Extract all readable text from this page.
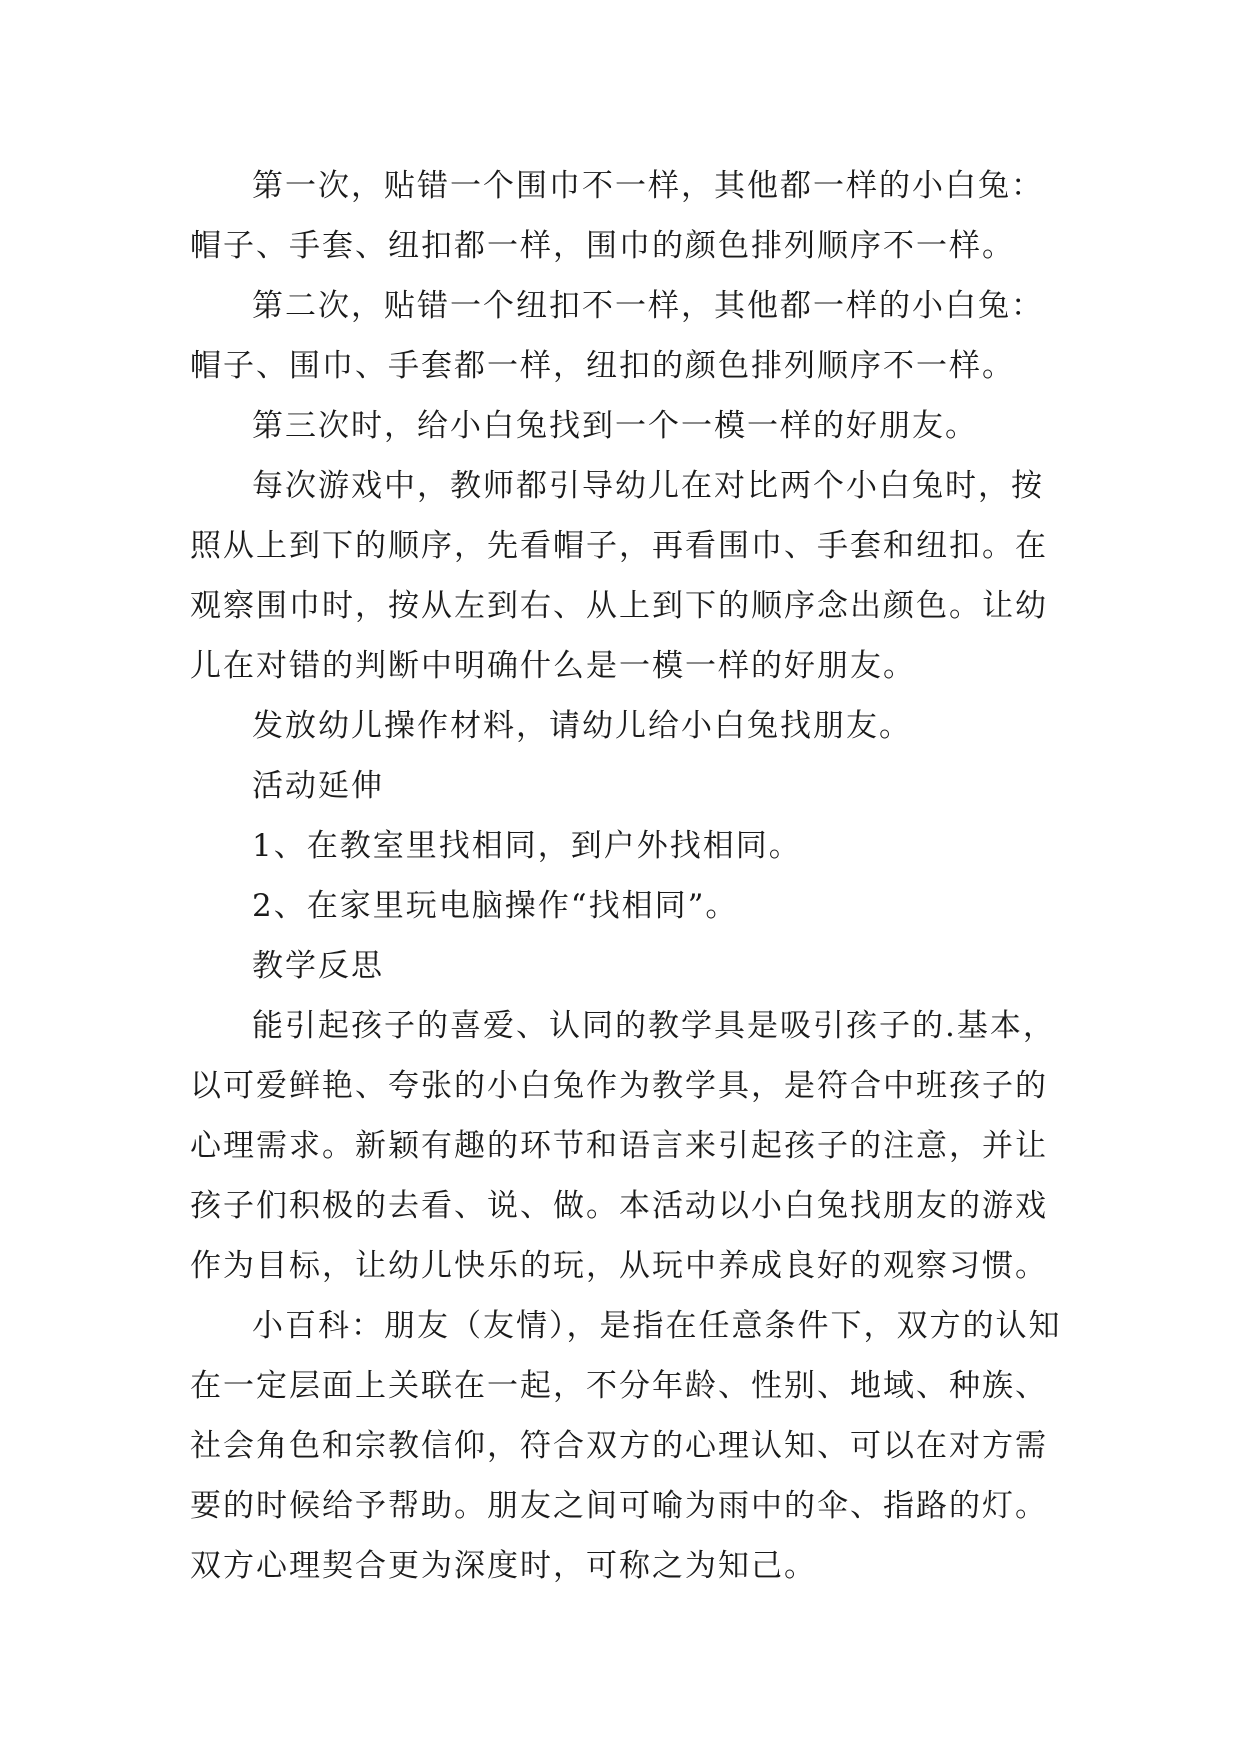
第一次，贴错一个围巾不一样，其他都一样的小白兔：帽子、手套、纽扣都一样，围巾的颜色排列顺序不一样。

第二次，贴错一个纽扣不一样，其他都一样的小白兔：帽子、围巾、手套都一样，纽扣的颜色排列顺序不一样。

第三次时，给小白兔找到一个一模一样的好朋友。

每次游戏中，教师都引导幼儿在对比两个小白兔时，按照从上到下的顺序，先看帽子，再看围巾、手套和纽扣。在观察围巾时，按从左到右、从上到下的顺序念出颜色。让幼儿在对错的判断中明确什么是一模一样的好朋友。

发放幼儿操作材料，请幼儿给小白兔找朋友。

活动延伸

1、在教室里找相同，到户外找相同。

2、在家里玩电脑操作“找相同”。

教学反思

能引起孩子的喜爱、认同的教学具是吸引孩子的.基本，以可爱鲜艳、夸张的小白兔作为教学具，是符合中班孩子的心理需求。新颖有趣的环节和语言来引起孩子的注意，并让孩子们积极的去看、说、做。本活动以小白兔找朋友的游戏作为目标，让幼儿快乐的玩，从玩中养成良好的观察习惯。

小百科：朋友（友情），是指在任意条件下，双方的认知在一定层面上关联在一起，不分年龄、性别、地域、种族、社会角色和宗教信仰，符合双方的心理认知、可以在对方需要的时候给予帮助。朋友之间可喻为雨中的伞、指路的灯。双方心理契合更为深度时，可称之为知己。
